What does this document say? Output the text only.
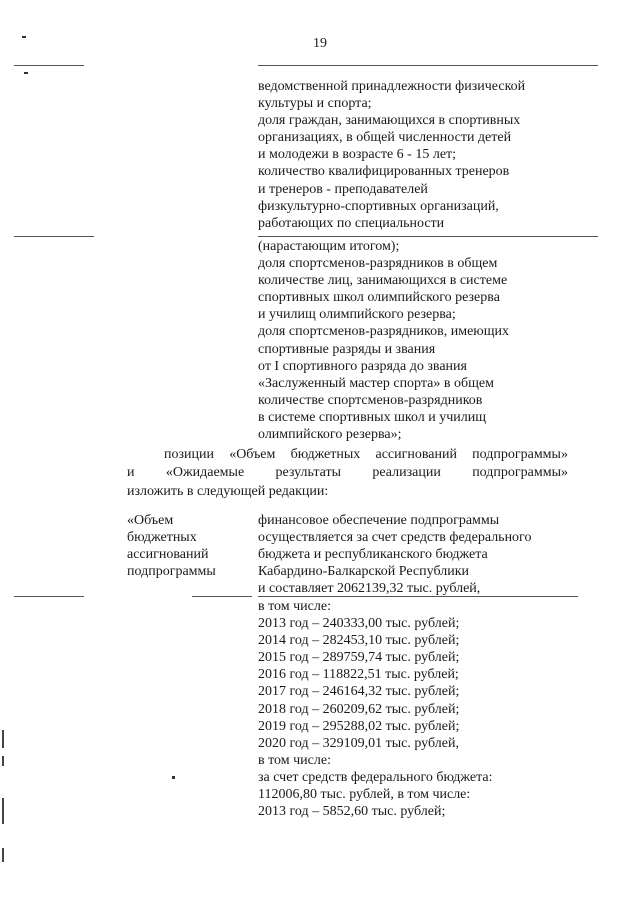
19
ведомственной принадлежности физической
культуры и спорта;
доля граждан, занимающихся в спортивных
организациях, в общей численности детей
и молодежи в возрасте 6 - 15 лет;
количество квалифицированных тренеров
и тренеров - преподавателей
физкультурно-спортивных организаций,
работающих по специальности
(нарастающим итогом);
доля спортсменов-разрядников в общем
количестве лиц, занимающихся в системе
спортивных школ олимпийского резерва
и училищ олимпийского резерва;
доля спортсменов-разрядников, имеющих
спортивные разряды и звания
от I спортивного разряда до звания
«Заслуженный мастер спорта» в общем
количестве спортсменов-разрядников
в системе спортивных школ и училищ
олимпийского резерва»;
позиции «Объем бюджетных ассигнований подпрограммы»
и «Ожидаемые результаты реализации подпрограммы»
изложить в следующей редакции:
«Объем
бюджетных
ассигнований
подпрограммы
финансовое обеспечение подпрограммы
осуществляется за счет средств федерального
бюджета и республиканского бюджета
Кабардино-Балкарской Республики
и составляет 2062139,32 тыс. рублей,
в том числе:
2013 год – 240333,00 тыс. рублей;
2014 год – 282453,10 тыс. рублей;
2015 год – 289759,74 тыс. рублей;
2016 год – 118822,51 тыс. рублей;
2017 год – 246164,32 тыс. рублей;
2018 год – 260209,62 тыс. рублей;
2019 год – 295288,02 тыс. рублей;
2020 год – 329109,01 тыс. рублей,
в том числе:
за счет средств федерального бюджета:
112006,80 тыс. рублей, в том числе:
2013 год – 5852,60 тыс. рублей;
